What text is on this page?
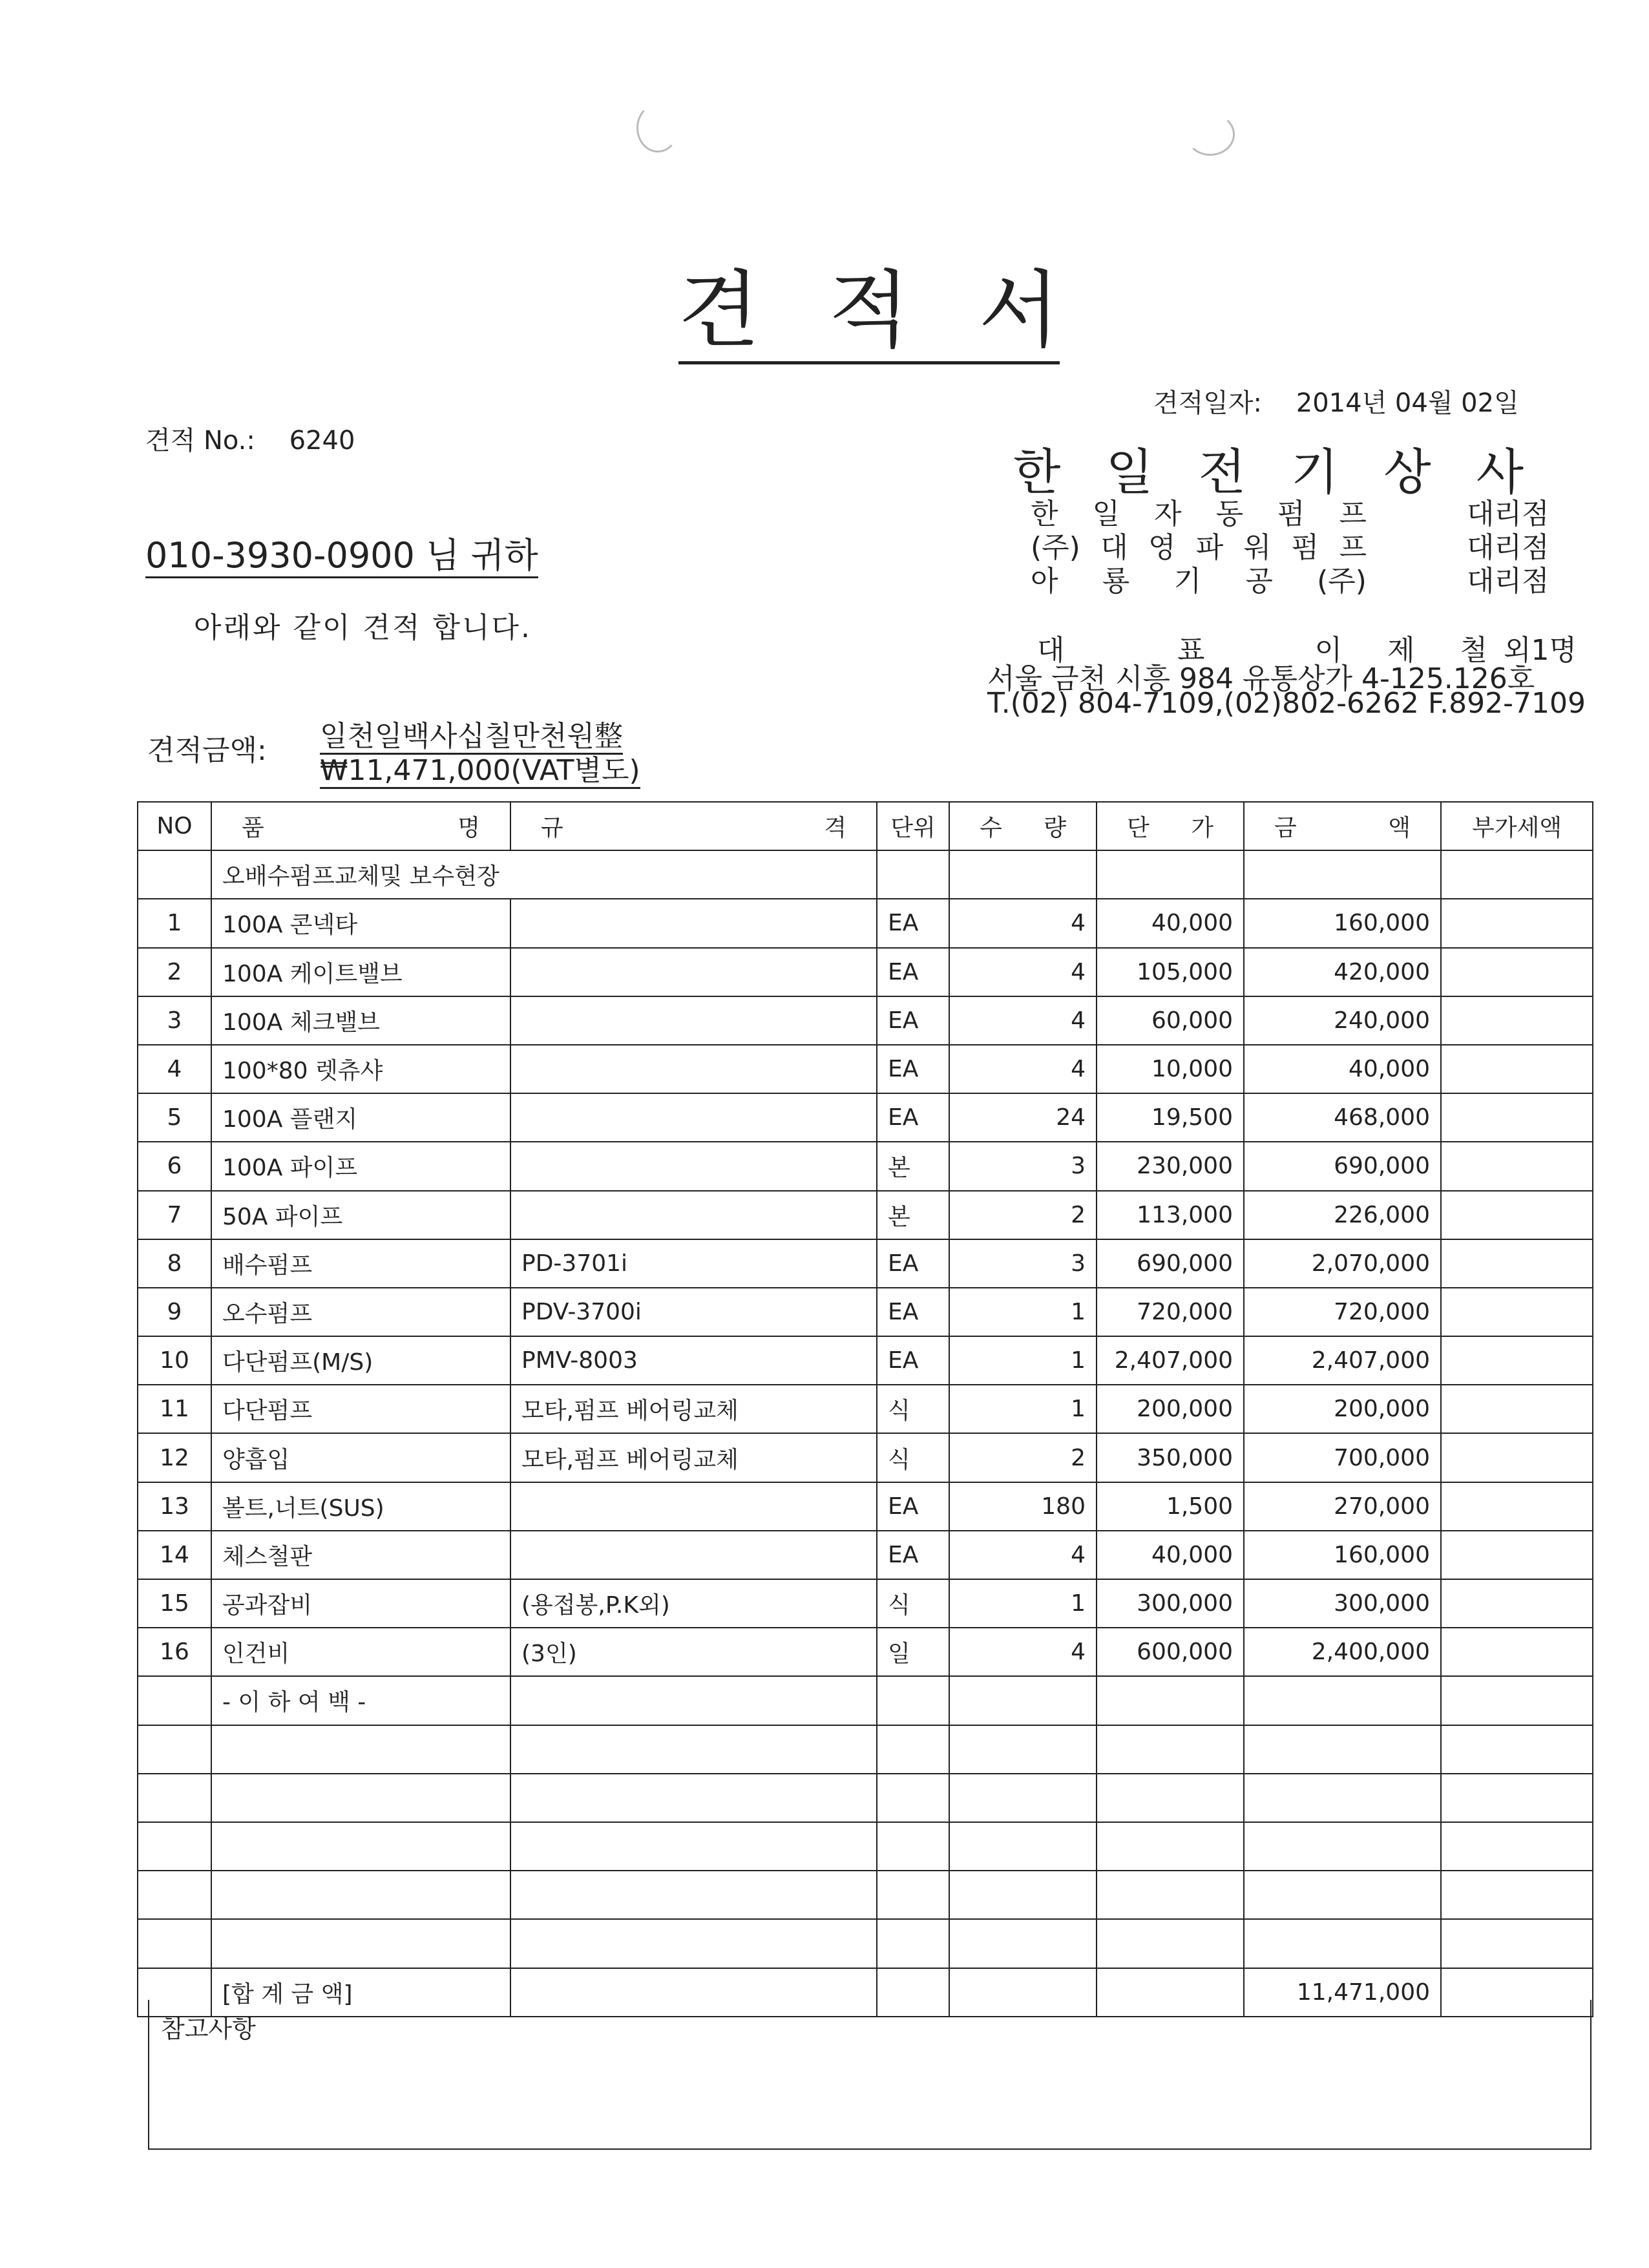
견 적 서
견적일자: 2014년 04월 02일
견적 No.: 6240
한 일 전 기 상 사
한 일 자 동 펌 프	대리점
(주) 대 영 파 워 펌 프	대리점
아 룡 기 공 (주)	대리점
010-3930-0900 님 귀하
아래와 같이 견적 합니다.
대	표	이 제 철 외1명
서울 금천 시흥 984 유통상가 4-125.126호
T.(02) 804-7109,(02)802-6262 F.892-7109
견적금액: 일천일백사십칠만천원整
₩11,471,000(VAT별도)
NO	품 명	규 격	단위	수 량	단 가	금 액	부가세액
	오배수펌프교체및 보수현장						
1	100A 콘넥타		EA	4	40,000	160,000	
2	100A 케이트밸브		EA	4	105,000	420,000	
3	100A 체크밸브		EA	4	60,000	240,000	
4	100*80 렛츄샤		EA	4	10,000	40,000	
5	100A 플랜지		EA	24	19,500	468,000	
6	100A 파이프		본	3	230,000	690,000	
7	50A 파이프		본	2	113,000	226,000	
8	배수펌프	PD-3701i	EA	3	690,000	2,070,000	
9	오수펌프	PDV-3700i	EA	1	720,000	720,000	
10	다단펌프(M/S)	PMV-8003	EA	1	2,407,000	2,407,000	
11	다단펌프	모타,펌프 베어링교체	식	1	200,000	200,000	
12	양흡입	모타,펌프 베어링교체	식	2	350,000	700,000	
13	볼트,너트(SUS)		EA	180	1,500	270,000	
14	체스철판		EA	4	40,000	160,000	
15	공과잡비	(용접봉,P.K외)	식	1	300,000	300,000	
16	인건비	(3인)	일	4	600,000	2,400,000	
	- 이 하 여 백 -						

	[합 계 금 액]					11,471,000	
참고사항
